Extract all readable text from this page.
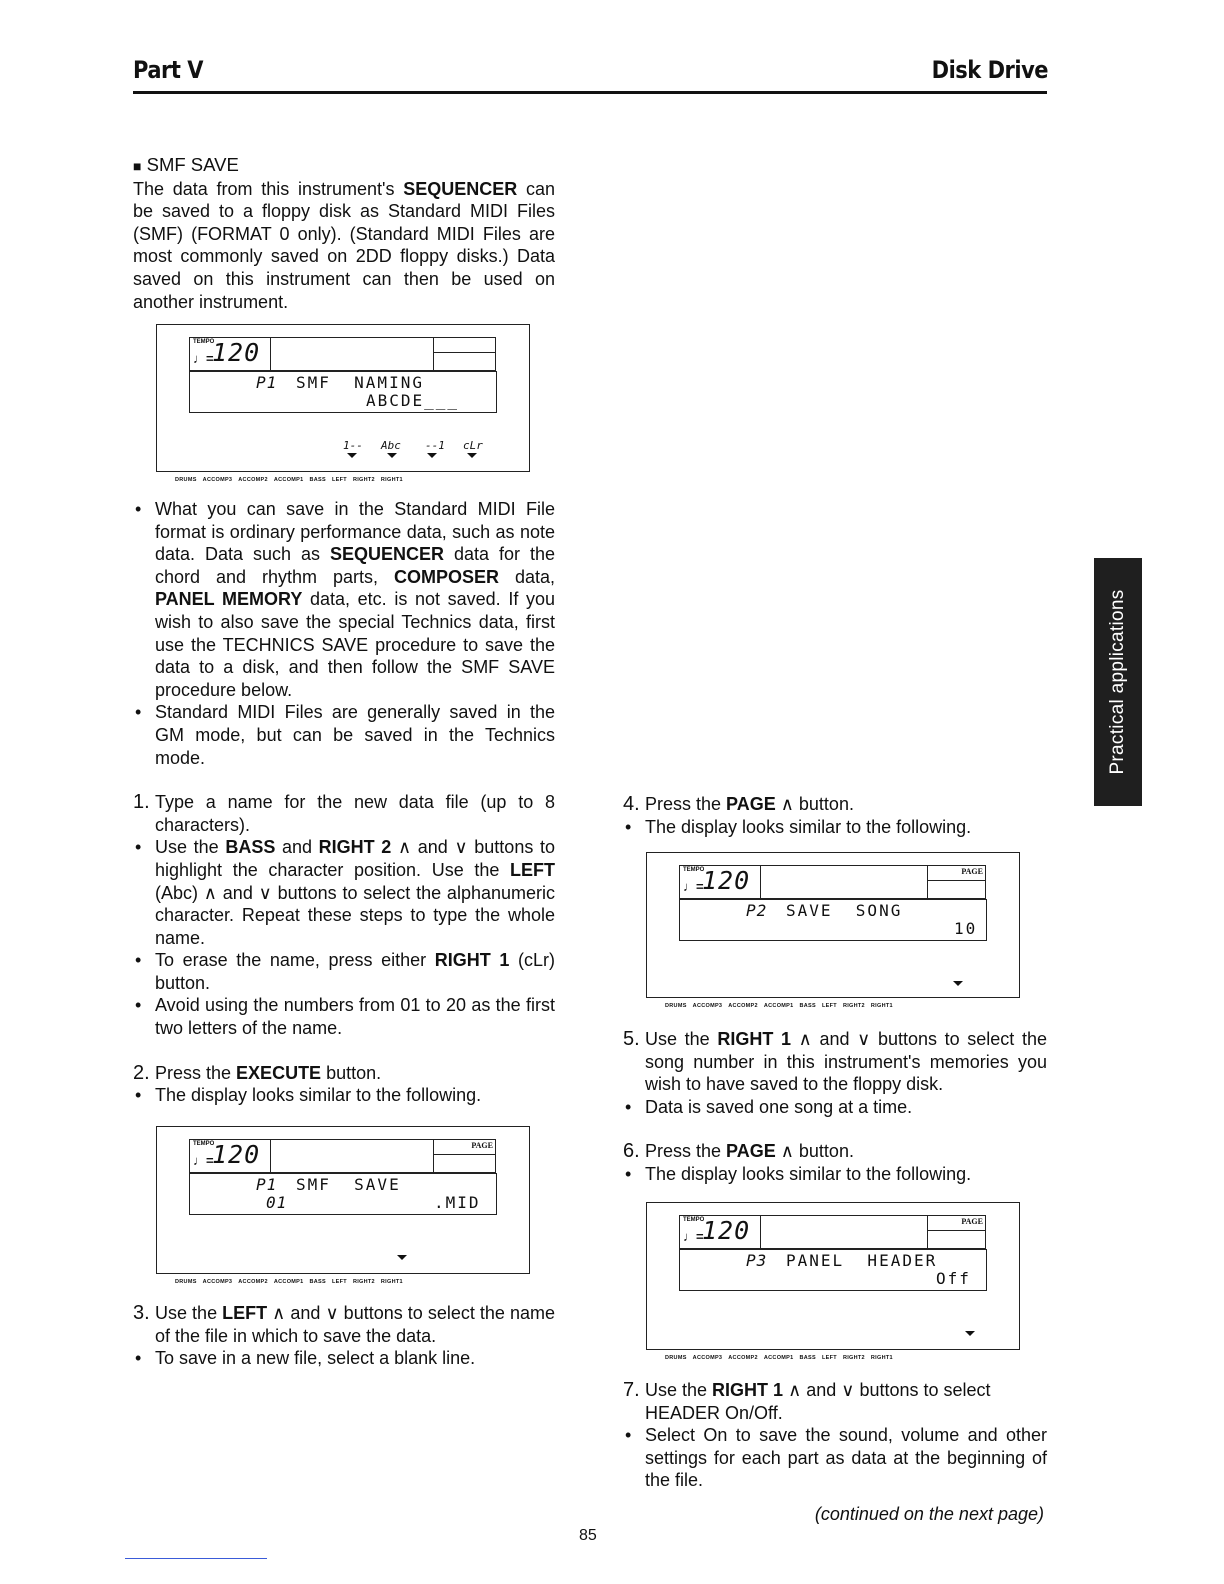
Part V	Disk Drive
Practical applications

■ SMF SAVE

The data from this instrument's SEQUENCER can be saved to a floppy disk as Standard MIDI Files (SMF) (FORMAT 0 only). (Standard MIDI Files are most commonly saved on 2DD floppy disks.) Data saved on this instrument can then be used on another instrument.

TEMPO
♩=
120
P1 SMF  NAMING
ABCDE___
1-- Abc --1 cLr
DRUMS ACCOMP3 ACCOMP2 ACCOMP1 BASS LEFT RIGHT2 RIGHT1

• What you can save in the Standard MIDI File format is ordinary performance data, such as note data. Data such as SEQUENCER data for the chord and rhythm parts, COMPOSER data, PANEL MEMORY data, etc. is not saved. If you wish to also save the special Technics data, first use the TECHNICS SAVE procedure to save the data to a disk, and then follow the SMF SAVE procedure below.

• Standard MIDI Files are generally saved in the GM mode, but can be saved in the Technics mode.

1. Type a name for the new data file (up to 8 characters).

• Use the BASS and RIGHT 2 ∧ and ∨ buttons to highlight the character position. Use the LEFT (Abc) ∧ and ∨ buttons to select the alphanumeric character. Repeat these steps to type the whole name.

• To erase the name, press either RIGHT 1 (cLr) button.

• Avoid using the numbers from 01 to 20 as the first two letters of the name.

2. Press the EXECUTE button.

• The display looks similar to the following.

TEMPO
♩=
120	PAGE
P1 SMF  SAVE
01	.MID
DRUMS ACCOMP3 ACCOMP2 ACCOMP1 BASS LEFT RIGHT2 RIGHT1

3. Use the LEFT ∧ and ∨ buttons to select the name of the file in which to save the data.

• To save in a new file, select a blank line.

4. Press the PAGE ∧ button.

• The display looks similar to the following.

TEMPO
♩=
120	PAGE
P2 SAVE  SONG
10
DRUMS ACCOMP3 ACCOMP2 ACCOMP1 BASS LEFT RIGHT2 RIGHT1

5. Use the RIGHT 1 ∧ and ∨ buttons to select the song number in this instrument's memories you wish to have saved to the floppy disk.

• Data is saved one song at a time.

6. Press the PAGE ∧ button.

• The display looks similar to the following.

TEMPO
♩=
120	PAGE
P3 PANEL  HEADER
Off
DRUMS ACCOMP3 ACCOMP2 ACCOMP1 BASS LEFT RIGHT2 RIGHT1

7. Use the RIGHT 1 ∧ and ∨ buttons to select HEADER On/Off.

• Select On to save the sound, volume and other settings for each part as data at the beginning of the file.

(continued on the next page)
85
